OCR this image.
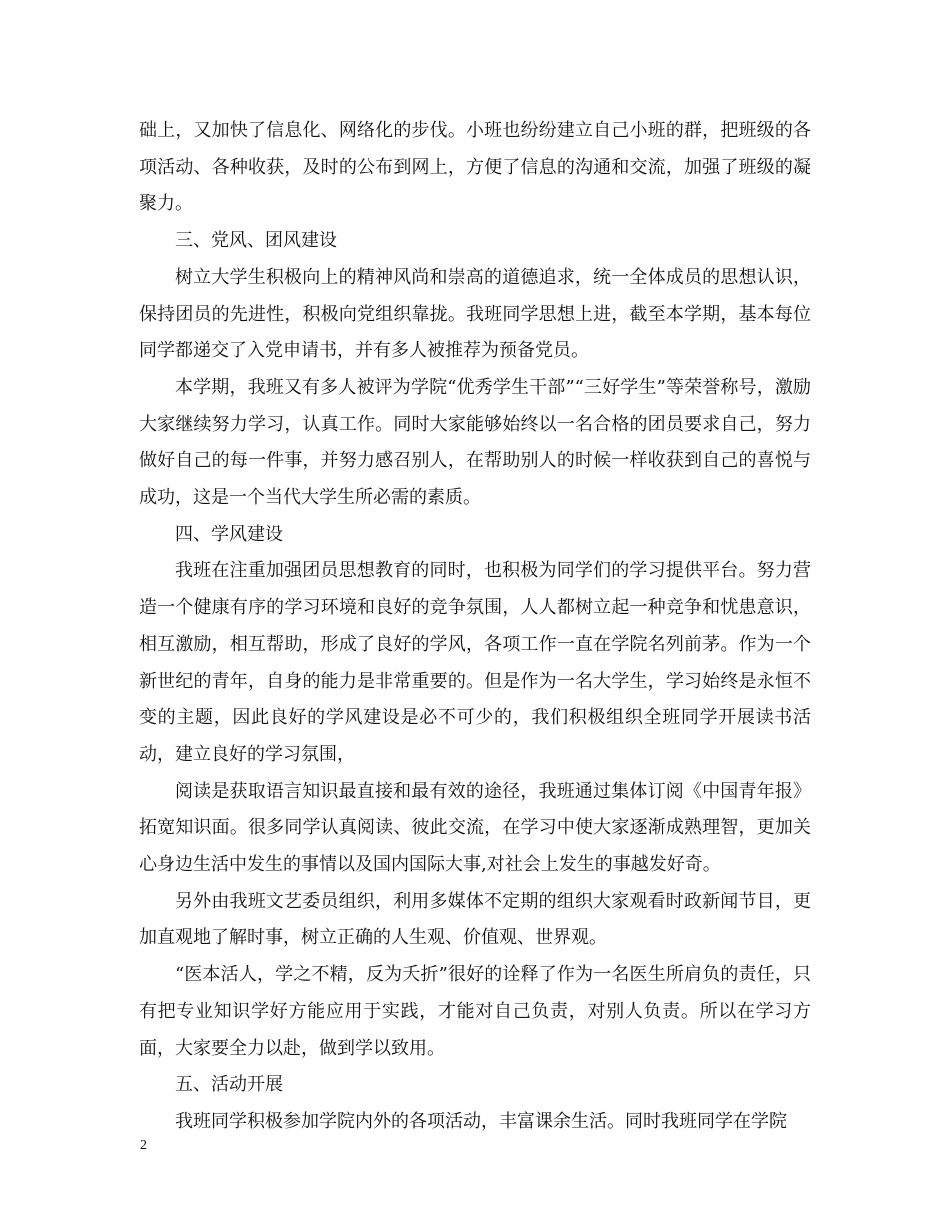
础上，又加快了信息化、网络化的步伐。小班也纷纷建立自己小班的群，把班级的各项活动、各种收获，及时的公布到网上，方便了信息的沟通和交流，加强了班级的凝聚力。

三、党风、团风建设

树立大学生积极向上的精神风尚和崇高的道德追求，统一全体成员的思想认识，保持团员的先进性，积极向党组织靠拢。我班同学思想上进，截至本学期，基本每位同学都递交了入党申请书，并有多人被推荐为预备党员。

本学期，我班又有多人被评为学院“优秀学生干部”“三好学生”等荣誉称号，激励大家继续努力学习，认真工作。同时大家能够始终以一名合格的团员要求自己，努力做好自己的每一件事，并努力感召别人，在帮助别人的时候一样收获到自己的喜悦与成功，这是一个当代大学生所必需的素质。

四、学风建设

我班在注重加强团员思想教育的同时，也积极为同学们的学习提供平台。努力营造一个健康有序的学习环境和良好的竞争氛围，人人都树立起一种竞争和忧患意识，相互激励，相互帮助，形成了良好的学风，各项工作一直在学院名列前茅。作为一个新世纪的青年，自身的能力是非常重要的。但是作为一名大学生，学习始终是永恒不变的主题，因此良好的学风建设是必不可少的，我们积极组织全班同学开展读书活动，建立良好的学习氛围，

阅读是获取语言知识最直接和最有效的途径，我班通过集体订阅《中国青年报》拓宽知识面。很多同学认真阅读、彼此交流，在学习中使大家逐渐成熟理智，更加关心身边生活中发生的事情以及国内国际大事,对社会上发生的事越发好奇。

另外由我班文艺委员组织，利用多媒体不定期的组织大家观看时政新闻节目，更加直观地了解时事，树立正确的人生观、价值观、世界观。

“医本活人，学之不精，反为夭折”很好的诠释了作为一名医生所肩负的责任，只有把专业知识学好方能应用于实践，才能对自己负责，对别人负责。所以在学习方面，大家要全力以赴，做到学以致用。

五、活动开展

我班同学积极参加学院内外的各项活动，丰富课余生活。同时我班同学在学院

2
